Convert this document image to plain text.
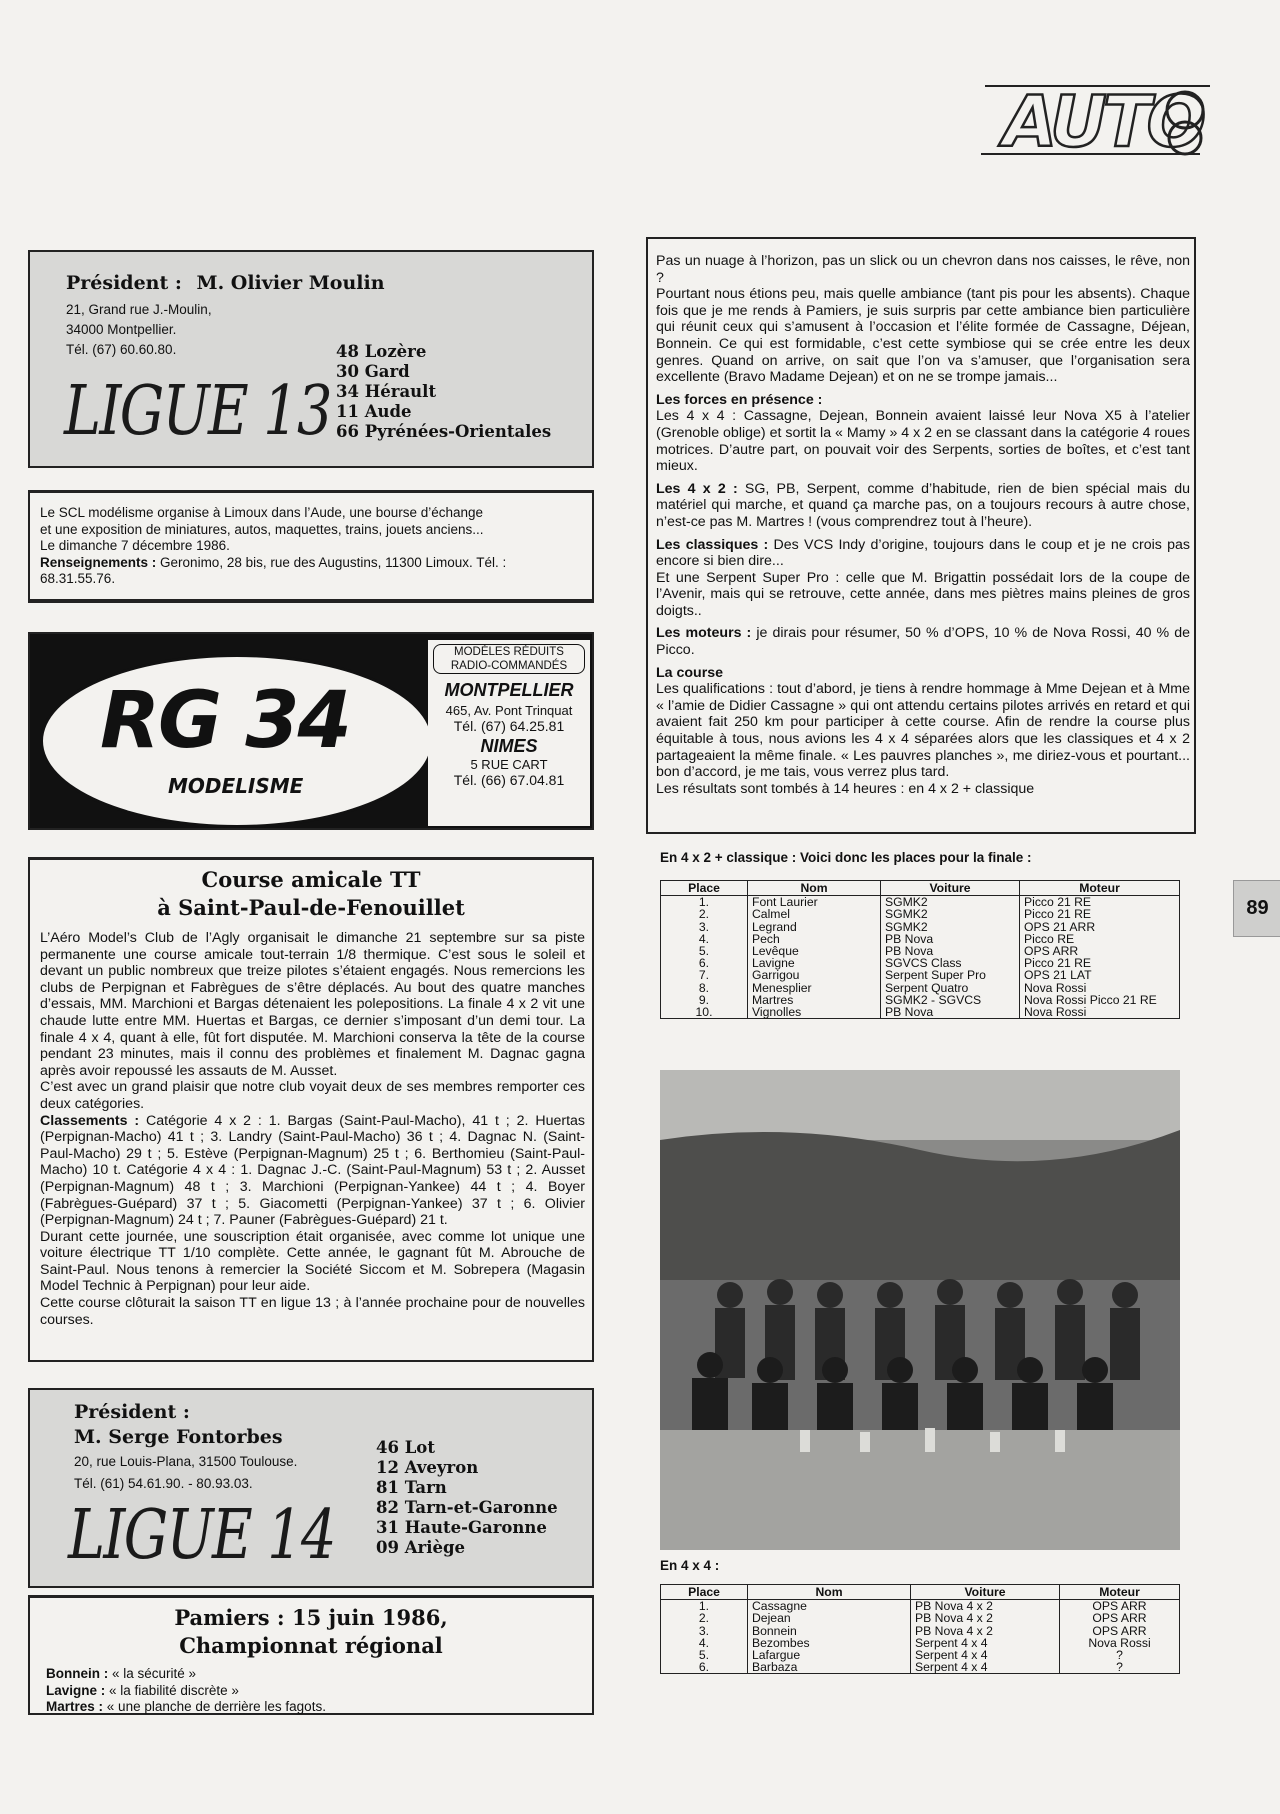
AUTO
AUTO8
Président : M. Olivier Moulin
21, Grand rue J.-Moulin,
34000 Montpellier.
Tél. (67) 60.60.80.
LIGUE 13
48 Lozère
30 Gard
34 Hérault
11 Aude
66 Pyrénées-Orientales
Le SCL modélisme organise à Limoux dans l’Aude, une bourse d’échange
et une exposition de miniatures, autos, maquettes, trains, jouets anciens...
Le dimanche 7 décembre 1986.
Renseignements : Geronimo, 28 bis, rue des Augustins, 11300 Limoux. Tél. :
68.31.55.76.
RG 34
MODELISME
MODÈLES RÉDUITS
RADIO-COMMANDÉS
MONTPELLIER
465, Av. Pont Trinquat
Tél. (67) 64.25.81
NIMES
5 RUE CART
Tél. (66) 67.04.81
Course amicale TT
à Saint-Paul-de-Fenouillet

L’Aéro Model’s Club de l’Agly organisait le dimanche 21 septembre sur sa piste permanente une course amicale tout-terrain 1/8 thermique. C’est sous le soleil et devant un public nombreux que treize pilotes s’étaient engagés. Nous remercions les clubs de Perpignan et Fabrègues de s’être déplacés. Au bout des quatre manches d’essais, MM. Marchioni et Bargas détenaient les polepositions. La finale 4 x 2 vit une chaude lutte entre MM. Huertas et Bargas, ce dernier s’imposant d’un demi tour. La finale 4 x 4, quant à elle, fût fort disputée. M. Marchioni conserva la tête de la course pendant 23 minutes, mais il connu des problèmes et finalement M. Dagnac gagna après avoir repoussé les assauts de M. Ausset.

C’est avec un grand plaisir que notre club voyait deux de ses membres remporter ces deux catégories.

Classements : Catégorie 4 x 2 : 1. Bargas (Saint-Paul-Macho), 41 t ; 2. Huertas (Perpignan-Macho) 41 t ; 3. Landry (Saint-Paul-Macho) 36 t ; 4. Dagnac N. (Saint-Paul-Macho) 29 t ; 5. Estève (Perpignan-Magnum) 25 t ; 6. Berthomieu (Saint-Paul-Macho) 10 t. Catégorie 4 x 4 : 1. Dagnac J.-C. (Saint-Paul-Magnum) 53 t ; 2. Ausset (Perpignan-Magnum) 48 t ; 3. Marchioni (Perpignan-Yankee) 44 t ; 4. Boyer (Fabrègues-Guépard) 37 t ; 5. Giacometti (Perpignan-Yankee) 37 t ; 6. Olivier (Perpignan-Magnum) 24 t ; 7. Pauner (Fabrègues-Guépard) 21 t.

Durant cette journée, une souscription était organisée, avec comme lot unique une voiture électrique TT 1/10 complète. Cette année, le gagnant fût M. Abrouche de Saint-Paul. Nous tenons à remercier la Société Siccom et M. Sobrepera (Magasin Model Technic à Perpignan) pour leur aide.

Cette course clôturait la saison TT en ligue 13 ; à l’année prochaine pour de nouvelles courses.

Président :
M. Serge Fontorbes
20, rue Louis-Plana, 31500 Toulouse.
Tél. (61) 54.61.90. - 80.93.03.
LIGUE 14
46 Lot
12 Aveyron
81 Tarn
82 Tarn-et-Garonne
31 Haute-Garonne
09 Ariège
Pamiers : 15 juin 1986,
Championnat régional
Bonnein : « la sécurité »
Lavigne : « la fiabilité discrète »
Martres : « une planche de derrière les fagots.

Pas un nuage à l’horizon, pas un slick ou un chevron dans nos caisses, le rêve, non ?

Pourtant nous étions peu, mais quelle ambiance (tant pis pour les absents). Chaque fois que je me rends à Pamiers, je suis surpris par cette ambiance bien particulière qui réunit ceux qui s’amusent à l’occasion et l’élite formée de Cassagne, Déjean, Bonnein. Ce qui est formidable, c’est cette symbiose qui se crée entre les deux genres. Quand on arrive, on sait que l’on va s’amuser, que l’organisation sera excellente (Bravo Madame Dejean) et on ne se trompe jamais...

Les forces en présence :

Les 4 x 4 : Cassagne, Dejean, Bonnein avaient laissé leur Nova X5 à l’atelier (Grenoble oblige) et sortit la « Mamy » 4 x 2 en se classant dans la catégorie 4 roues motrices. D’autre part, on pouvait voir des Serpents, sorties de boîtes, et c’est tant mieux.

Les 4 x 2 : SG, PB, Serpent, comme d’habitude, rien de bien spécial mais du matériel qui marche, et quand ça marche pas, on a toujours recours à autre chose, n’est-ce pas M. Martres ! (vous comprendrez tout à l’heure).

Les classiques : Des VCS Indy d’origine, toujours dans le coup et je ne crois pas encore si bien dire...

Et une Serpent Super Pro : celle que M. Brigattin possédait lors de la coupe de l’Avenir, mais qui se retrouve, cette année, dans mes piètres mains pleines de gros doigts..

Les moteurs : je dirais pour résumer, 50 % d’OPS, 10 % de Nova Rossi, 40 % de Picco.

La course

Les qualifications : tout d’abord, je tiens à rendre hommage à Mme Dejean et à Mme « l’amie de Didier Cassagne » qui ont attendu certains pilotes arrivés en retard et qui avaient fait 250 km pour participer à cette course. Afin de rendre la course plus équitable à tous, nous avions les 4 x 4 séparées alors que les classiques et 4 x 2 partageaient la même finale. « Les pauvres planches », me diriez-vous et pourtant... bon d’accord, je me tais, vous verrez plus tard.

Les résultats sont tombés à 14 heures : en 4 x 2 + classique

En 4 x 2 + classique : Voici donc les places pour la finale :
Place	Nom	Voiture	Moteur
1.	Font Laurier	SGMK2	Picco 21 RE
2.	Calmel	SGMK2	Picco 21 RE
3.	Legrand	SGMK2	OPS 21 ARR
4.	Pech	PB Nova	Picco RE
5.	Levêque	PB Nova	OPS ARR
6.	Lavigne	SGVCS Class	Picco 21 RE
7.	Garrigou	Serpent Super Pro	OPS 21 LAT
8.	Menesplier	Serpent Quatro	Nova Rossi
9.	Martres	SGMK2 - SGVCS	Nova Rossi Picco 21 RE
10.	Vignolles	PB Nova	Nova Rossi
89
En 4 x 4 :
Place	Nom	Voiture	Moteur
1.	Cassagne	PB Nova 4 x 2	OPS ARR
2.	Dejean	PB Nova 4 x 2	OPS ARR
3.	Bonnein	PB Nova 4 x 2	OPS ARR
4.	Bezombes	Serpent 4 x 4	Nova Rossi
5.	Lafargue	Serpent 4 x 4	?
6.	Barbaza	Serpent 4 x 4	?
